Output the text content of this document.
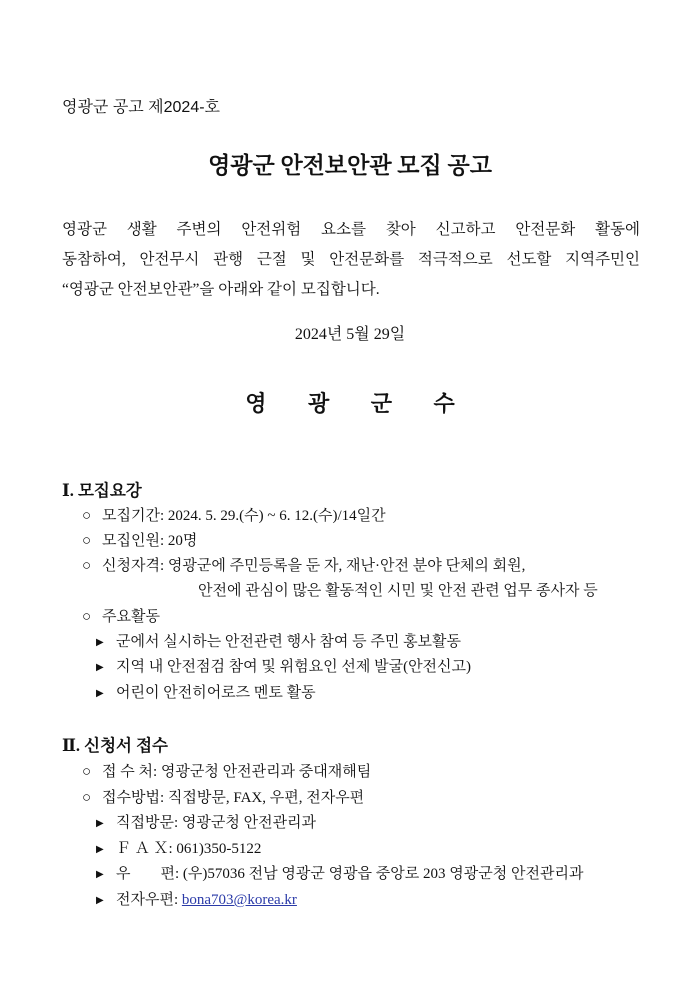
영광군 공고 제2024-호
영광군 안전보안관 모집 공고
영광군 생활 주변의 안전위험 요소를 찾아 신고하고 안전문화 활동에
동참하여, 안전무시 관행 근절 및 안전문화를 적극적으로 선도할 지역주민인
“영광군 안전보안관”을 아래와 같이 모집합니다.
2024년 5월 29일
영 광 군 수
Ⅰ. 모집요강
○ 모집기간: 2024. 5. 29.(수) ~ 6. 12.(수)/14일간
○ 모집인원: 20명
○ 신청자격: 영광군에 주민등록을 둔 자, 재난·안전 분야 단체의 회원,
안전에 관심이 많은 활동적인 시민 및 안전 관련 업무 종사자 등
○ 주요활동
▶ 군에서 실시하는 안전관련 행사 참여 등 주민 홍보활동
▶ 지역 내 안전점검 참여 및 위험요인 선제 발굴(안전신고)
▶ 어린이 안전히어로즈 멘토 활동
Ⅱ. 신청서 접수
○ 접 수 처: 영광군청 안전관리과 중대재해팀
○ 접수방법: 직접방문, FAX, 우편, 전자우편
▶ 직접방문: 영광군청 안전관리과
▶ Ｆ Ａ Ｘ: 061)350-5122
▶ 우　　편: (우)57036 전남 영광군 영광읍 중앙로 203 영광군청 안전관리과
▶ 전자우편: bona703@korea.kr
